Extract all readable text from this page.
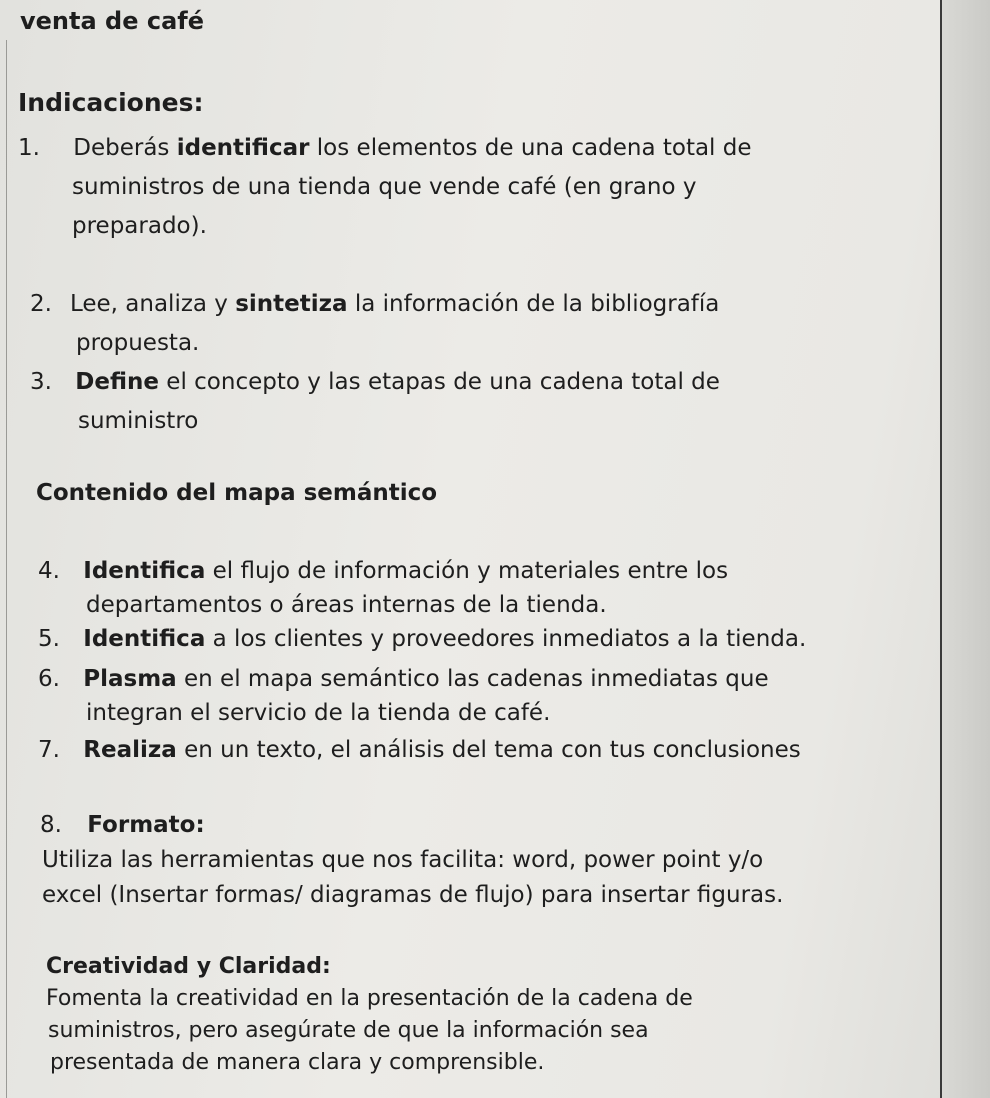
venta de café
Indicaciones:
1. Deberás identificar los elementos de una cadena total de
suministros de una tienda que vende café (en grano y
preparado).
2. Lee, analiza y sintetiza la información de la bibliografía
propuesta.
3. Define el concepto y las etapas de una cadena total de
suministro
Contenido del mapa semántico
4. Identifica el flujo de información y materiales entre los
departamentos o áreas internas de la tienda.
5. Identifica a los clientes y proveedores inmediatos a la tienda.
6. Plasma en el mapa semántico las cadenas inmediatas que
integran el servicio de la tienda de café.
7. Realiza en un texto, el análisis del tema con tus conclusiones
8. Formato:
Utiliza las herramientas que nos facilita: word, power point y/o
excel (Insertar formas/ diagramas de flujo) para insertar figuras.
Creatividad y Claridad:
Fomenta la creatividad en la presentación de la cadena de
suministros, pero asegúrate de que la información sea
presentada de manera clara y comprensible.
